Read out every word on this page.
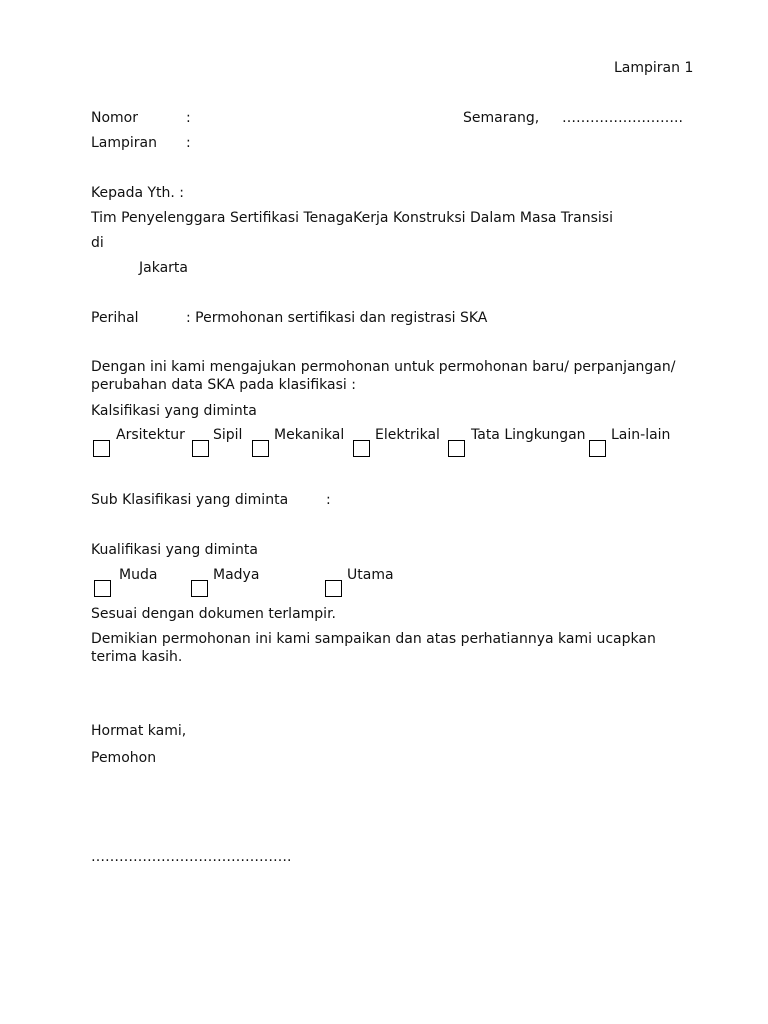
Lampiran 1
Nomor	:	Semarang, ……………………..
Lampiran :
Kepada Yth. :
Tim Penyelenggara Sertifikasi TenagaKerja Konstruksi Dalam Masa Transisi
di
Jakarta
Perihal	: Permohonan sertifikasi dan registrasi SKA
Dengan ini kami mengajukan permohonan untuk permohonan baru/ perpanjangan/ perubahan data SKA pada klasifikasi :
Kalsifikasi yang diminta
Arsitektur Sipil Mekanikal Elektrikal Tata Lingkungan Lain-lain
Sub Klasifikasi yang diminta	:
Kualifikasi yang diminta
Muda	Madya	Utama
Sesuai dengan dokumen terlampir.
Demikian permohonan ini kami sampaikan dan atas perhatiannya kami ucapkan terima kasih.
Hormat kami,
Pemohon
…………………………………….
